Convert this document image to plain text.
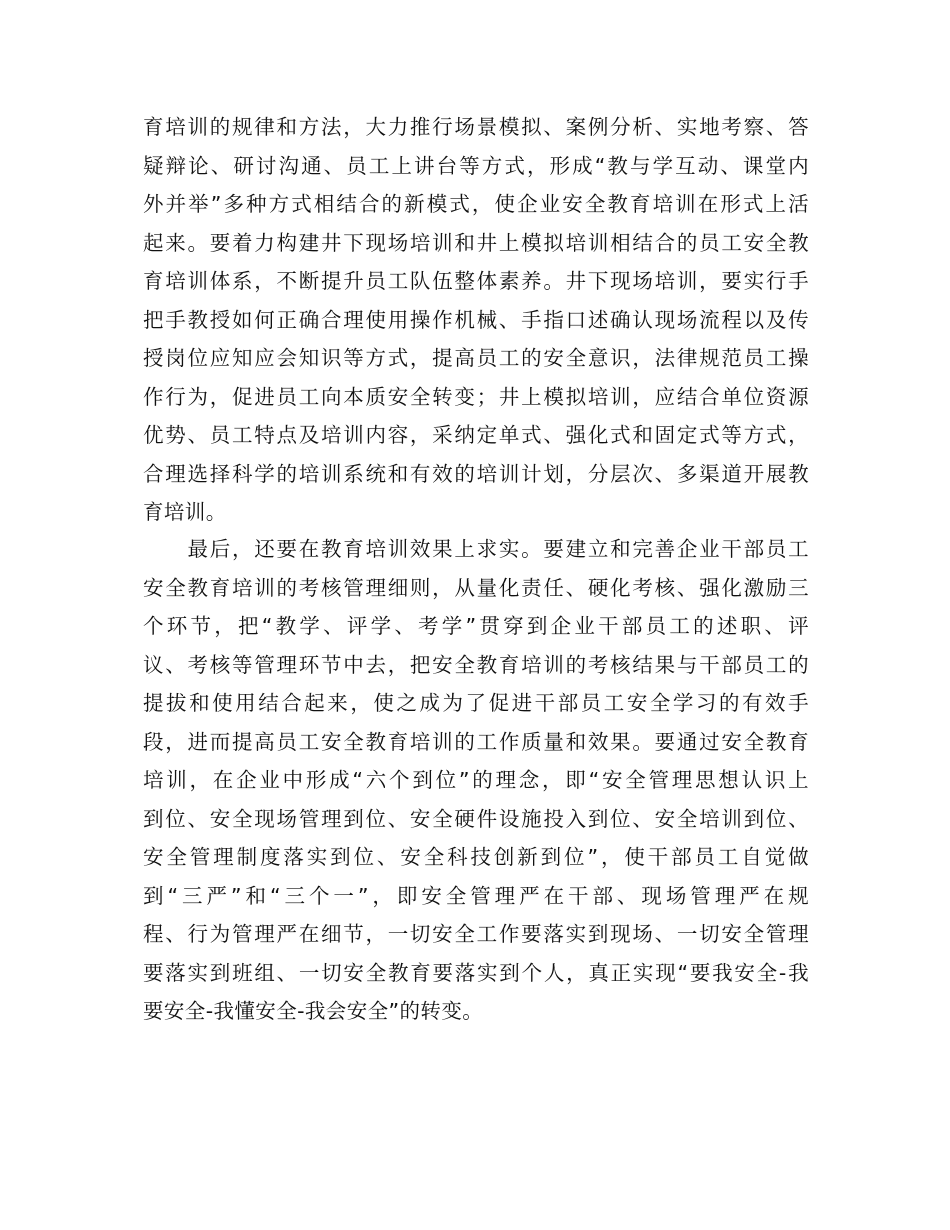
育培训的规律和方法，大力推行场景模拟、案例分析、实地考察、答
疑辩论、研讨沟通、员工上讲台等方式，形成“教与学互动、课堂内
外并举”多种方式相结合的新模式，使企业安全教育培训在形式上活
起来。要着力构建井下现场培训和井上模拟培训相结合的员工安全教
育培训体系，不断提升员工队伍整体素养。井下现场培训，要实行手
把手教授如何正确合理使用操作机械、手指口述确认现场流程以及传
授岗位应知应会知识等方式，提高员工的安全意识，法律规范员工操
作行为，促进员工向本质安全转变；井上模拟培训，应结合单位资源
优势、员工特点及培训内容，采纳定单式、强化式和固定式等方式，
合理选择科学的培训系统和有效的培训计划，分层次、多渠道开展教
育培训。
　　最后，还要在教育培训效果上求实。要建立和完善企业干部员工
安全教育培训的考核管理细则，从量化责任、硬化考核、强化激励三
个环节，把“教学、评学、考学”贯穿到企业干部员工的述职、评
议、考核等管理环节中去，把安全教育培训的考核结果与干部员工的
提拔和使用结合起来，使之成为了促进干部员工安全学习的有效手
段，进而提高员工安全教育培训的工作质量和效果。要通过安全教育
培训，在企业中形成“六个到位”的理念，即“安全管理思想认识上
到位、安全现场管理到位、安全硬件设施投入到位、安全培训到位、
安全管理制度落实到位、安全科技创新到位”，使干部员工自觉做
到“三严”和“三个一”，即安全管理严在干部、现场管理严在规
程、行为管理严在细节，一切安全工作要落实到现场、一切安全管理
要落实到班组、一切安全教育要落实到个人，真正实现“要我安全-我
要安全-我懂安全-我会安全”的转变。
